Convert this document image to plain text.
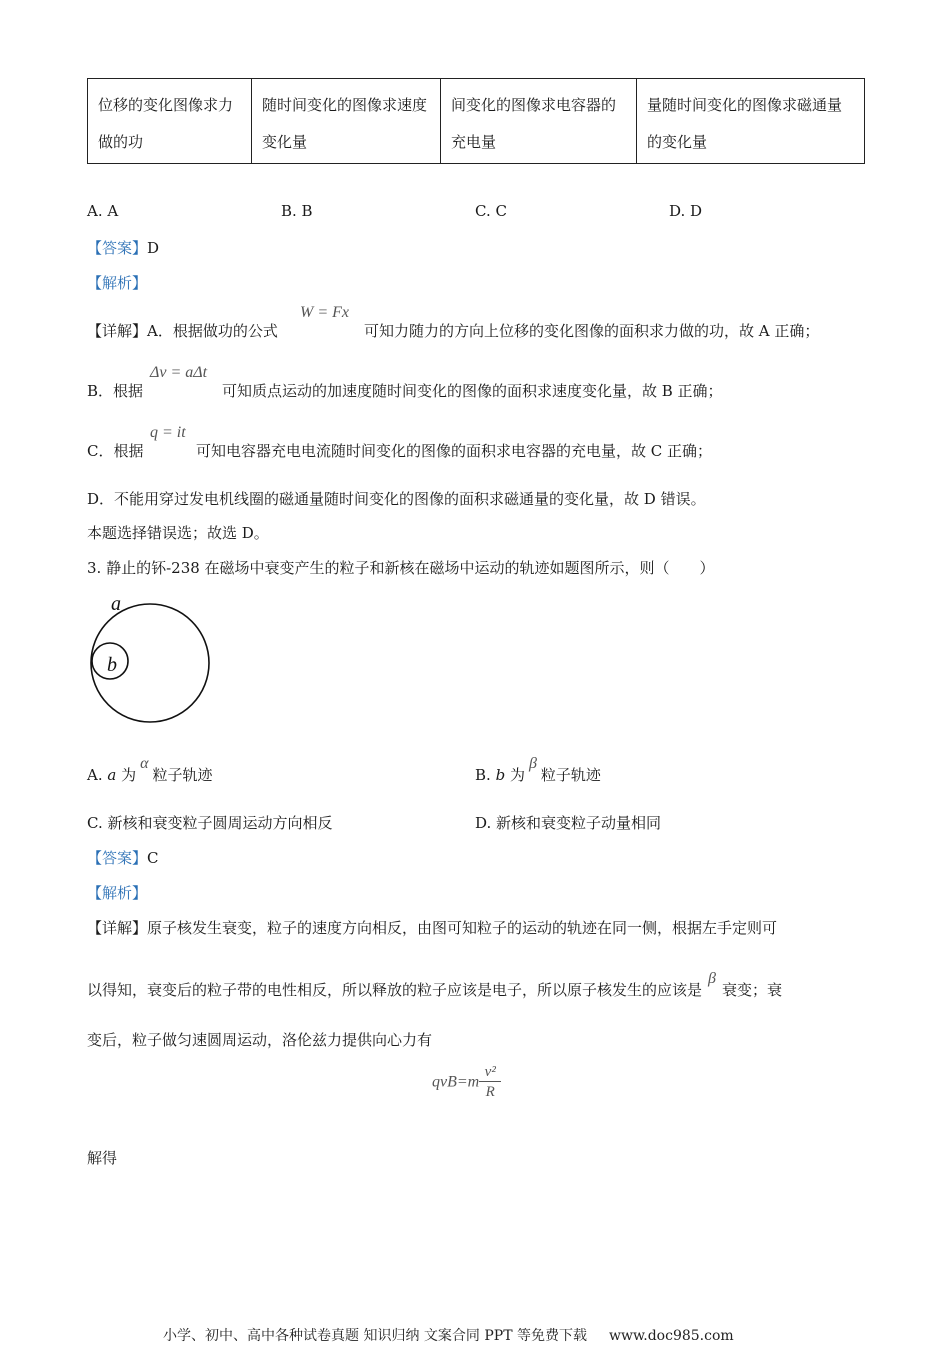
位移的变化图像求力做的功	随时间变化的图像求速度变化量	间变化的图像求电容器的充电量	量随时间变化的图像求磁通量的变化量
A. A	B. B	C. C	D. D
【答案】D
【解析】
【详解】A．根据做功的公式
W = Fx
可知力随力的方向上位移的变化图像的面积求力做的功，故 A 正确；
B．根据
Δv = aΔt
可知质点运动的加速度随时间变化的图像的面积求速度变化量，故 B 正确；
C．根据
q = it
可知电容器充电电流随时间变化的图像的面积求电容器的充电量，故 C 正确；
D．不能用穿过发电机线圈的磁通量随时间变化的图像的面积求磁通量的变化量，故 D 错误。
本题选择错误选；故选 D。
3. 静止的钚-238 在磁场中衰变产生的粒子和新核在磁场中运动的轨迹如题图所示，则（　　）
a
b
A. a 为α粒子轨迹	B. b 为β粒子轨迹
C. 新核和衰变粒子圆周运动方向相反	D. 新核和衰变粒子动量相同
【答案】C
【解析】
【详解】原子核发生衰变，粒子的速度方向相反，由图可知粒子的运动的轨迹在同一侧，根据左手定则可
以得知，衰变后的粒子带的电性相反，所以释放的粒子应该是电子，所以原子核发生的应该是β衰变；衰
变后，粒子做匀速圆周运动，洛伦兹力提供向心力有
$qvB=m \frac{\text{v²}}{R}$
解得
小学、初中、高中各种试卷真题 知识归纳 文案合同 PPT 等免费下载 www.doc985.com
